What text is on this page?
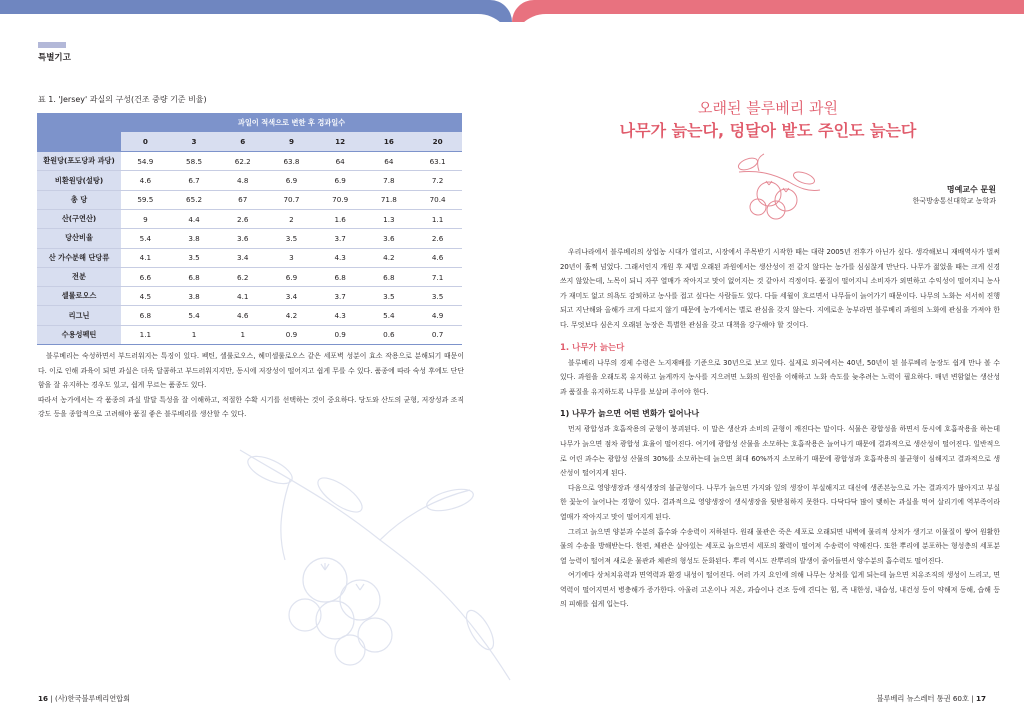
특별기고
표 1. 'Jersey' 과실의 구성(건조 중량 기준 비율)
	과일이 적색으로 변한 후 경과일수						
	0	3	6	9	12	16	20
환원당(포도당과 과당)	54.9	58.5	62.2	63.8	64	64	63.1
비환원당(설탕)	4.6	6.7	4.8	6.9	6.9	7.8	7.2
총 당	59.5	65.2	67	70.7	70.9	71.8	70.4
산(구연산)	9	4.4	2.6	2	1.6	1.3	1.1
당산비율	5.4	3.8	3.6	3.5	3.7	3.6	2.6
산 가수분해 단당류	4.1	3.5	3.4	3	4.3	4.2	4.6
전분	6.6	6.8	6.2	6.9	6.8	6.8	7.1
셀룰로오스	4.5	3.8	4.1	3.4	3.7	3.5	3.5
리그닌	6.8	5.4	4.6	4.2	4.3	5.4	4.9
수용성펙틴	1.1	1	1	0.9	0.9	0.6	0.7

블루베리는 숙성하면서 부드러워지는 특징이 있다. 펙틴, 셀룰로오스, 헤미셀룰로오스 같은 세포벽 성분이 효소 작용으로 분해되기 때문이다. 이로 인해 과육이 되면 과실은 더욱 달콤하고 부드러워지지만, 동시에 저장성이 떨어지고 쉽게 무를 수 있다. 품종에 따라 숙성 후에도 단단함을 잘 유지하는 경우도 있고, 쉽게 무르는 품종도 있다.

따라서 농가에서는 각 품종의 과실 발달 특성을 잘 이해하고, 적절한 수확 시기를 선택하는 것이 중요하다. 당도와 산도의 균형, 저장성과 조직 강도 등을 종합적으로 고려해야 품질 좋은 블루베리를 생산할 수 있다.

16 | (사)한국블루베리연합회
오래된 블루베리 과원
나무가 늙는다, 덩달아 밭도 주인도 늙는다
명예교수 문원
한국방송통신대학교 농학과

우리나라에서 블루베리의 상업농 시대가 열리고, 시장에서 주목받기 시작한 때는 대략 2005년 전후가 아닌가 싶다. 생각해보니 재배역사가 벌써 20년이 훌쩍 넘었다. 그래서인지 개원 후 제법 오래된 과원에서는 생산성이 전 같지 않다는 농가를 심심찮게 만난다. 나무가 젊었을 때는 크게 신경 쓰지 않았는데, 노목이 되니 자꾸 열매가 작아지고 맛이 없어지는 것 같아서 걱정이다. 품질이 떨어지니 소비자가 외면하고 수익성이 떨어지니 농사가 재미도 없고 의욕도 감퇴하고 농사를 접고 싶다는 사람들도 있다. 다들 세월이 흐르면서 나무들이 늙어가기 때문이다. 나무의 노화는 서서히 진행되고 지난해와 올해가 크게 다르지 않기 때문에 농가에서는 별로 관심을 갖지 않는다. 지에로운 농부라면 블루베리 과원의 노화에 관심을 가져야 한다. 무엇보다 심은지 오래된 농장은 특별한 관심을 갖고 대책을 강구해야 할 것이다.

1. 나무가 늙는다

블루베리 나무의 경제 수령은 노지재배를 기준으로 30년으로 보고 있다. 실제로 외국에서는 40년, 50년이 된 블루베리 농장도 쉽게 만나 볼 수 있다. 과원을 오래도록 유지하고 늙게까지 농사를 지으려면 노화의 원인을 이해하고 노화 속도를 늦추려는 노력이 필요하다. 매년 변함없는 생산성과 품질을 유지하도록 나무를 보살펴 주어야 한다.

1) 나무가 늙으면 어떤 변화가 일어나나

먼저 광합성과 호흡작용의 균형이 붕괴된다. 이 말은 생산과 소비의 균형이 깨진다는 말이다. 식물은 광합성을 하면서 동시에 호흡작용을 하는데 나무가 늙으면 점차 광합성 효율이 떨어진다. 여기에 광합성 산물을 소모하는 호흡작용은 늘어나기 때문에 결과적으로 생산성이 떨어진다. 일반적으로 어린 과수는 광합성 산물의 30%를 소모하는데 늙으면 최대 60%까지 소모하기 때문에 광합성과 호흡작용의 불균형이 심해지고 결과적으로 생산성이 떨어지게 된다.

다음으로 영양생장과 생식생장의 불균형이다. 나무가 늙으면 가지와 잎의 생장이 부실해지고 대신에 생존본능으로 가는 결과지가 많아지고 부실한 꽃눈이 늘어나는 경향이 있다. 결과적으로 영양생장이 생식생장을 뒷받침하지 못한다. 다닥다닥 많이 맺히는 과실을 먹여 살리기에 역부족이라 열매가 작아지고 맛이 떨어지게 된다.

그리고 늙으면 양분과 수분의 흡수와 수송력이 저하된다. 원래 물관은 죽은 세포로 오래되면 내벽에 물리적 상처가 생기고 이물질이 쌓여 원활한 물의 수송을 방해받는다. 한편, 체관은 살아있는 세포로 늙으면서 세포의 활력이 떨어져 수송력이 약해진다. 또한 뿌리에 분포하는 형성층의 세포분열 능력이 떨어져 새로운 물관과 체관의 형성도 둔화된다. 뿌리 역시도 잔뿌리의 발생이 줄어들면서 양수분의 흡수력도 떨어진다.

여기에다 상처치유력과 면역력과 환경 내성이 떨어진다. 여러 가지 요인에 의해 나무는 상처를 입게 되는데 늙으면 치유조직의 생성이 느리고, 면역력이 떨어지면서 병충해가 증가한다. 아울러 고온이나 저온, 과습이나 건조 등에 견디는 힘, 즉 내한성, 내습성, 내건성 등이 약해져 동해, 습해 등의 피해를 쉽게 입는다.

블루베리 뉴스레터 통권 60호 | 17
